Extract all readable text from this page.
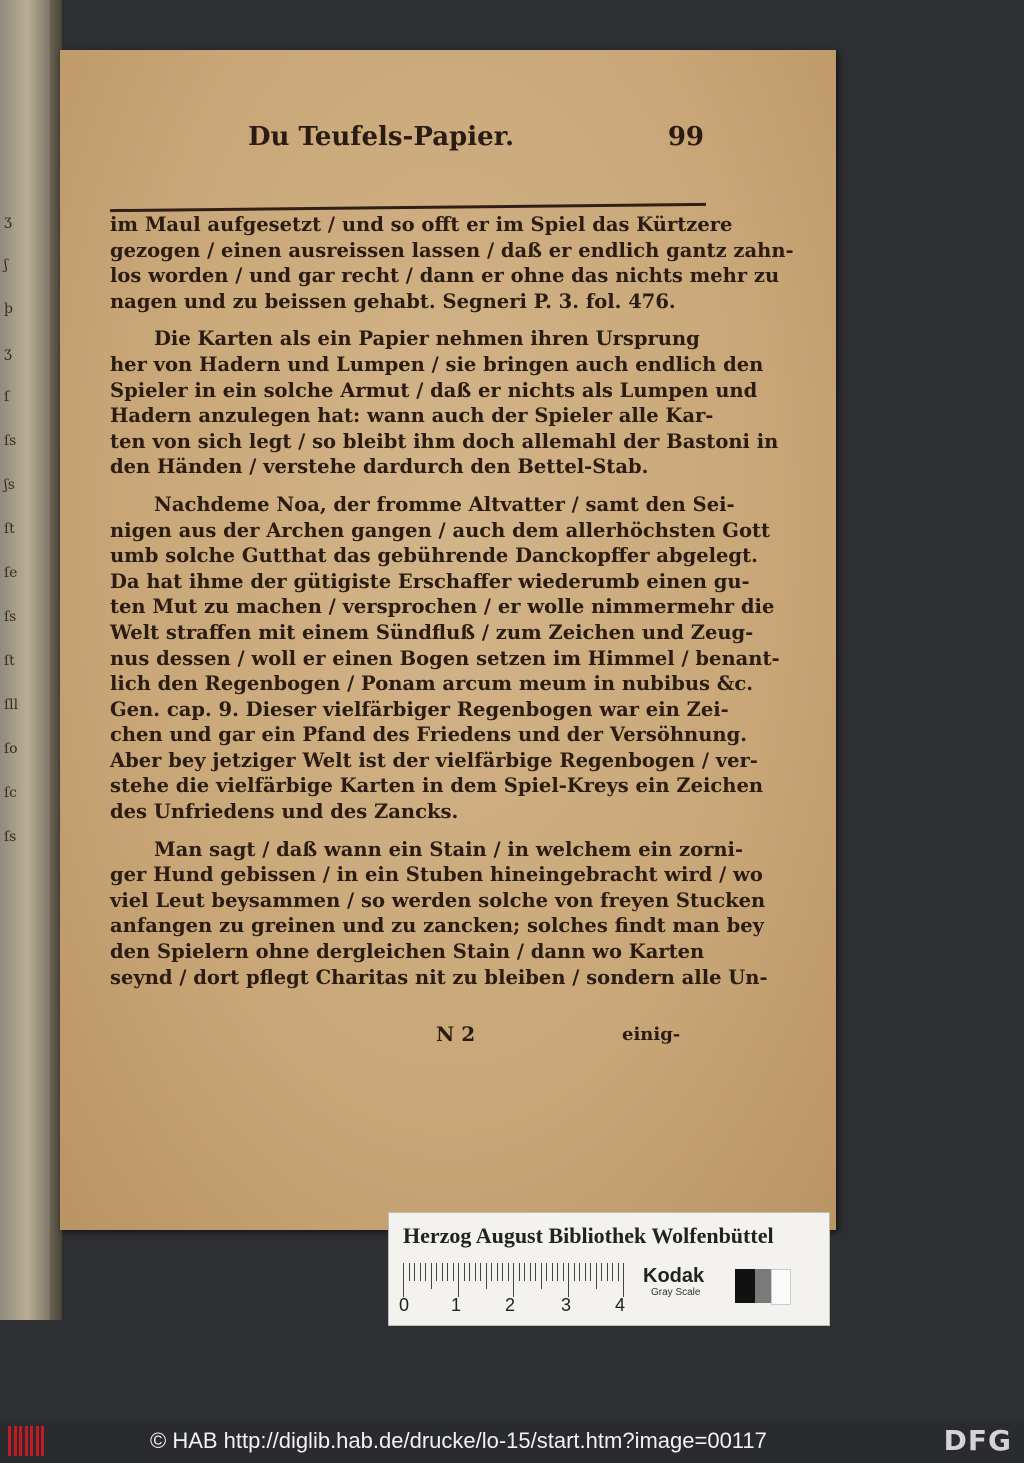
ʒ
ʃ
þ
ʒ
ſ
ſs
ʃs
ſt
ſe
ſs
ſt
ſll
ſo
ſc
ſs
Du Teufels-Papier.	99
im Maul aufgesetzt / und so offt er im Spiel das Kürtzere
gezogen / einen ausreissen lassen / daß er endlich gantz zahn-
los worden / und gar recht / dann er ohne das nichts mehr zu
nagen und zu beissen gehabt. Segneri P. 3. fol. 476.
Die Karten als ein Papier nehmen ihren Ursprung
her von Hadern und Lumpen / sie bringen auch endlich den
Spieler in ein solche Armut / daß er nichts als Lumpen und
Hadern anzulegen hat: wann auch der Spieler alle Kar-
ten von sich legt / so bleibt ihm doch allemahl der Bastoni in
den Händen / verstehe dardurch den Bettel-Stab.
Nachdeme Noa, der fromme Altvatter / samt den Sei-
nigen aus der Archen gangen / auch dem allerhöchsten Gott
umb solche Gutthat das gebührende Danckopffer abgelegt.
Da hat ihme der gütigiste Erschaffer wiederumb einen gu-
ten Mut zu machen / versprochen / er wolle nimmermehr die
Welt straffen mit einem Sündfluß / zum Zeichen und Zeug-
nus dessen / woll er einen Bogen setzen im Himmel / benant-
lich den Regenbogen / Ponam arcum meum in nubibus &c.
Gen. cap. 9. Dieser vielfärbiger Regenbogen war ein Zei-
chen und gar ein Pfand des Friedens und der Versöhnung.
Aber bey jetziger Welt ist der vielfärbige Regenbogen / ver-
stehe die vielfärbige Karten in dem Spiel-Kreys ein Zeichen
des Unfriedens und des Zancks.
Man sagt / daß wann ein Stain / in welchem ein zorni-
ger Hund gebissen / in ein Stuben hineingebracht wird / wo
viel Leut beysammen / so werden solche von freyen Stucken
anfangen zu greinen und zu zancken; solches findt man bey
den Spielern ohne dergleichen Stain / dann wo Karten
seynd / dort pflegt Charitas nit zu bleiben / sondern alle Un-
N 2	einig-
Herzog August Bibliothek Wolfenbüttel
0 1 2	3 4
Kodak
Gray Scale
© HAB http://diglib.hab.de/drucke/lo-15/start.htm?image=00117	DFG
